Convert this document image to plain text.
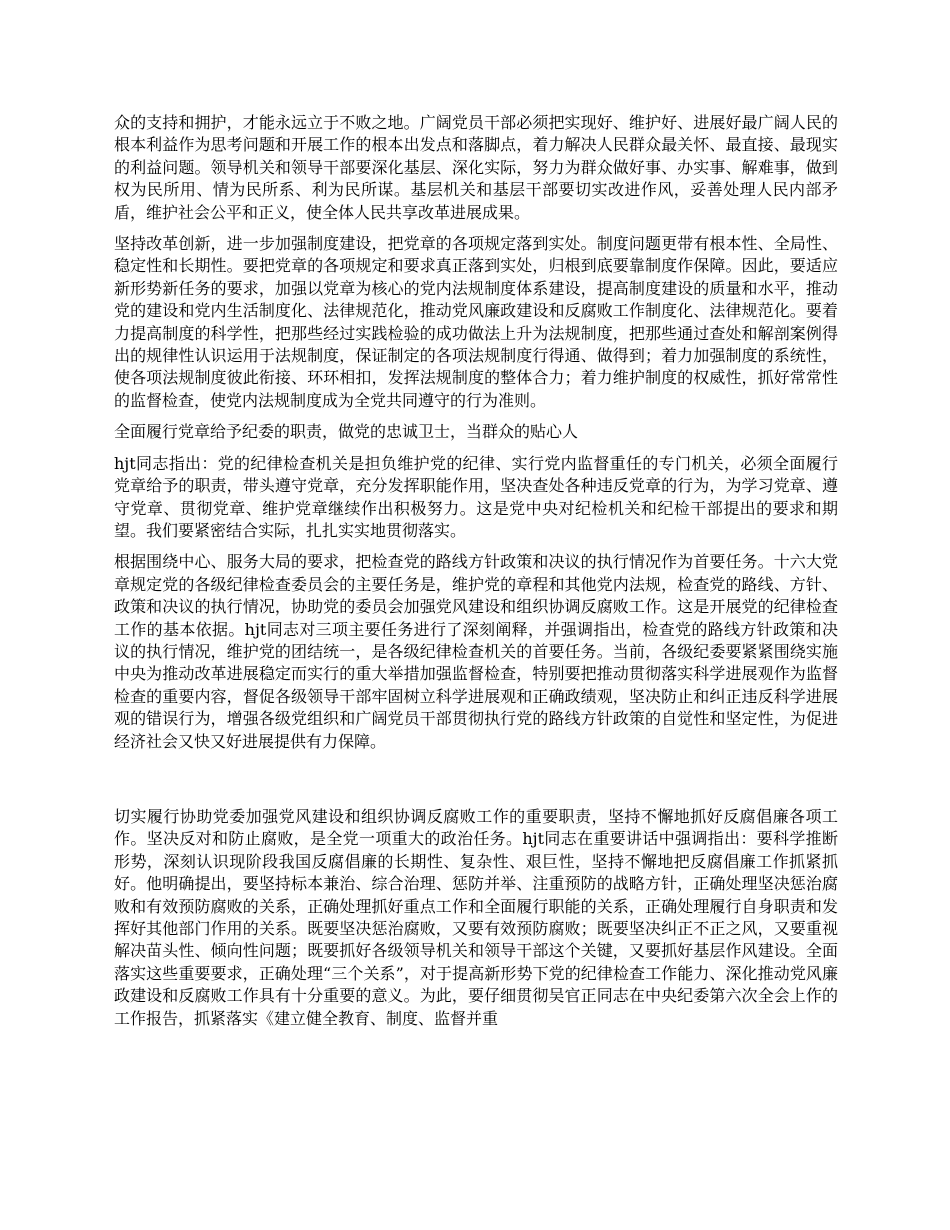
众的支持和拥护，才能永远立于不败之地。广阔党员干部必须把实现好、维护好、进展好最广阔人民的根本利益作为思考问题和开展工作的根本出发点和落脚点，着力解决人民群众最关怀、最直接、最现实的利益问题。领导机关和领导干部要深化基层、深化实际，努力为群众做好事、办实事、解难事，做到权为民所用、情为民所系、利为民所谋。基层机关和基层干部要切实改进作风，妥善处理人民内部矛盾，维护社会公平和正义，使全体人民共享改革进展成果。

坚持改革创新，进一步加强制度建设，把党章的各项规定落到实处。制度问题更带有根本性、全局性、稳定性和长期性。要把党章的各项规定和要求真正落到实处，归根到底要靠制度作保障。因此，要适应新形势新任务的要求，加强以党章为核心的党内法规制度体系建设，提高制度建设的质量和水平，推动党的建设和党内生活制度化、法律规范化，推动党风廉政建设和反腐败工作制度化、法律规范化。要着力提高制度的科学性，把那些经过实践检验的成功做法上升为法规制度，把那些通过查处和解剖案例得出的规律性认识运用于法规制度，保证制定的各项法规制度行得通、做得到；着力加强制度的系统性，使各项法规制度彼此衔接、环环相扣，发挥法规制度的整体合力；着力维护制度的权威性，抓好常常性的监督检查，使党内法规制度成为全党共同遵守的行为准则。

全面履行党章给予纪委的职责，做党的忠诚卫士，当群众的贴心人

hjt同志指出：党的纪律检查机关是担负维护党的纪律、实行党内监督重任的专门机关，必须全面履行党章给予的职责，带头遵守党章，充分发挥职能作用，坚决查处各种违反党章的行为，为学习党章、遵守党章、贯彻党章、维护党章继续作出积极努力。这是党中央对纪检机关和纪检干部提出的要求和期望。我们要紧密结合实际，扎扎实实地贯彻落实。

根据围绕中心、服务大局的要求，把检查党的路线方针政策和决议的执行情况作为首要任务。十六大党章规定党的各级纪律检查委员会的主要任务是，维护党的章程和其他党内法规，检查党的路线、方针、政策和决议的执行情况，协助党的委员会加强党风建设和组织协调反腐败工作。这是开展党的纪律检查工作的基本依据。hjt同志对三项主要任务进行了深刻阐释，并强调指出，检查党的路线方针政策和决议的执行情况，维护党的团结统一，是各级纪律检查机关的首要任务。当前，各级纪委要紧紧围绕实施中央为推动改革进展稳定而实行的重大举措加强监督检查，特别要把推动贯彻落实科学进展观作为监督检查的重要内容，督促各级领导干部牢固树立科学进展观和正确政绩观，坚决防止和纠正违反科学进展观的错误行为，增强各级党组织和广阔党员干部贯彻执行党的路线方针政策的自觉性和坚定性，为促进经济社会又快又好进展提供有力保障。

切实履行协助党委加强党风建设和组织协调反腐败工作的重要职责，坚持不懈地抓好反腐倡廉各项工作。坚决反对和防止腐败，是全党一项重大的政治任务。hjt同志在重要讲话中强调指出：要科学推断形势，深刻认识现阶段我国反腐倡廉的长期性、复杂性、艰巨性，坚持不懈地把反腐倡廉工作抓紧抓好。他明确提出，要坚持标本兼治、综合治理、惩防并举、注重预防的战略方针，正确处理坚决惩治腐败和有效预防腐败的关系，正确处理抓好重点工作和全面履行职能的关系，正确处理履行自身职责和发挥好其他部门作用的关系。既要坚决惩治腐败，又要有效预防腐败；既要坚决纠正不正之风，又要重视解决苗头性、倾向性问题；既要抓好各级领导机关和领导干部这个关键，又要抓好基层作风建设。全面落实这些重要要求，正确处理“三个关系”，对于提高新形势下党的纪律检查工作能力、深化推动党风廉政建设和反腐败工作具有十分重要的意义。为此，要仔细贯彻吴官正同志在中央纪委第六次全会上作的工作报告，抓紧落实《建立健全教育、制度、监督并重
